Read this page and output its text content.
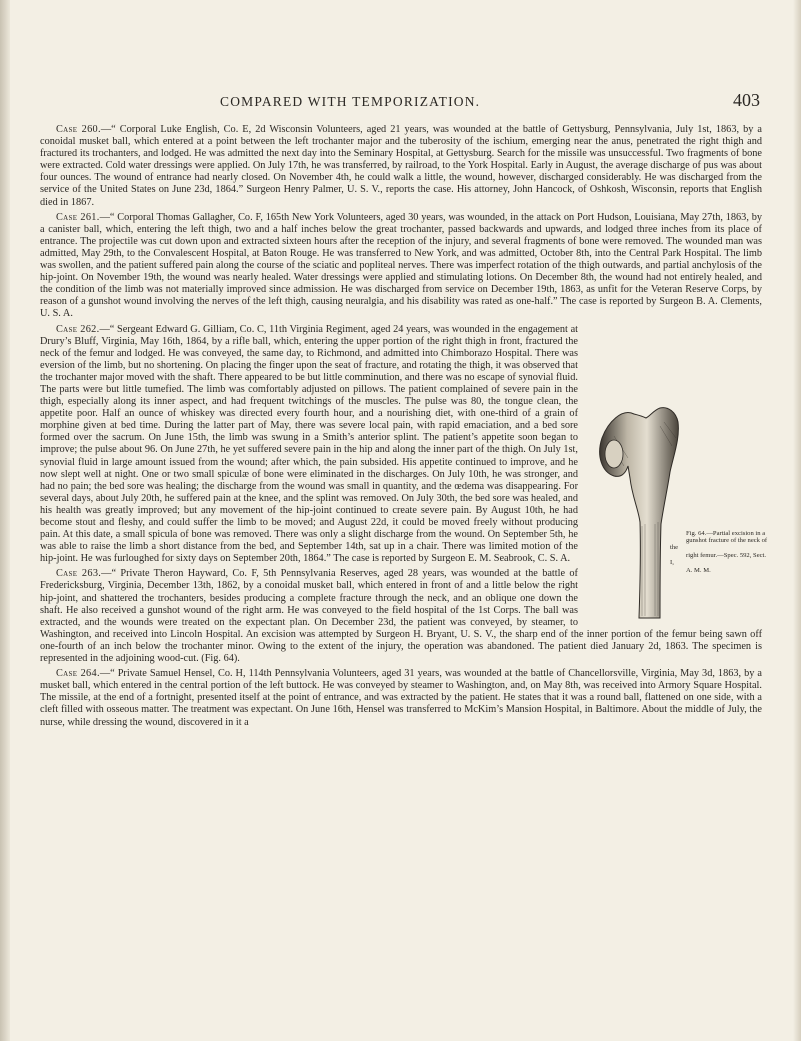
COMPARED WITH TEMPORIZATION.	403

Case 260.—“ Corporal Luke English, Co. E, 2d Wisconsin Volunteers, aged 21 years, was wounded at the battle of Gettysburg, Pennsylvania, July 1st, 1863, by a conoidal musket ball, which entered at a point between the left trochanter major and the tuberosity of the ischium, emerging near the anus, penetrated the right thigh and fractured its trochanters, and lodged. He was admitted the next day into the Seminary Hospital, at Gettysburg. Search for the missile was unsuccessful. Two fragments of bone were extracted. Cold water dressings were applied. On July 17th, he was transferred, by railroad, to the York Hospital. Early in August, the average discharge of pus was about four ounces. The wound of entrance had nearly closed. On November 4th, he could walk a little, the wound, however, discharged considerably. He was discharged from the service of the United States on June 23d, 1864.” Surgeon Henry Palmer, U. S. V., reports the case. His attorney, John Hancock, of Oshkosh, Wisconsin, reports that English died in 1867.

Case 261.—“ Corporal Thomas Gallagher, Co. F, 165th New York Volunteers, aged 30 years, was wounded, in the attack on Port Hudson, Louisiana, May 27th, 1863, by a canister ball, which, entering the left thigh, two and a half inches below the great trochanter, passed backwards and upwards, and lodged three inches from its place of entrance. The projectile was cut down upon and extracted sixteen hours after the reception of the injury, and several fragments of bone were removed. The wounded man was admitted, May 29th, to the Convalescent Hospital, at Baton Rouge. He was transferred to New York, and was admitted, October 8th, into the Central Park Hospital. The limb was swollen, and the patient suffered pain along the course of the sciatic and popliteal nerves. There was imperfect rotation of the thigh outwards, and partial anchylosis of the hip-joint. On November 19th, the wound was nearly healed. Water dressings were applied and stimulating lotions. On December 8th, the wound had not entirely healed, and the condition of the limb was not materially improved since admission. He was discharged from service on December 19th, 1863, as unfit for the Veteran Reserve Corps, by reason of a gunshot wound involving the nerves of the left thigh, causing neuralgia, and his disability was rated as one-half.” The case is reported by Surgeon B. A. Clements, U. S. A.

Fig. 64.—Partial excision in a
gunshot fracture of the neck of the
right femur.—Spec. 592, Sect. I,
A. M. M.
Case 262.—“ Sergeant Edward G. Gilliam, Co. C, 11th Virginia Regiment, aged 24 years, was wounded in the engagement at Drury’s Bluff, Virginia, May 16th, 1864, by a rifle ball, which, entering the upper portion of the right thigh in front, fractured the neck of the femur and lodged. He was conveyed, the same day, to Richmond, and admitted into Chimborazo Hospital. There was eversion of the limb, but no shortening. On placing the finger upon the seat of fracture, and rotating the thigh, it was observed that the trochanter major moved with the shaft. There appeared to be but little comminution, and there was no escape of synovial fluid. The parts were but little tumefied. The limb was comfortably adjusted on pillows. The patient complained of severe pain in the thigh, especially along its inner aspect, and had frequent twitchings of the muscles. The pulse was 80, the tongue clean, the appetite poor. Half an ounce of whiskey was directed every fourth hour, and a nourishing diet, with one-third of a grain of morphine given at bed time. During the latter part of May, there was severe local pain, with rapid emaciation, and a bed sore formed over the sacrum. On June 15th, the limb was swung in a Smith’s anterior splint. The patient’s appetite soon began to improve; the pulse about 96. On June 27th, he yet suffered severe pain in the hip and along the inner part of the thigh. On July 1st, synovial fluid in large amount issued from the wound; after which, the pain subsided. His appetite continued to improve, and he now slept well at night. One or two small spiculæ of bone were eliminated in the discharges. On July 10th, he was stronger, and had no pain; the bed sore was healing; the discharge from the wound was small in quantity, and the œdema was disappearing. For several days, about July 20th, he suffered pain at the knee, and the splint was removed. On July 30th, the bed sore was healed, and his health was greatly improved; but any movement of the hip-joint continued to create severe pain. By August 10th, he had become stout and fleshy, and could suffer the limb to be moved; and August 22d, it could be moved freely without producing pain. At this date, a small spicula of bone was removed. There was only a slight discharge from the wound. On September 5th, he was able to raise the limb a short distance from the bed, and September 14th, sat up in a chair. There was limited motion of the hip-joint. He was furloughed for sixty days on September 20th, 1864.” The case is reported by Surgeon E. M. Seabrook, C. S. A.

Case 263.—“ Private Theron Hayward, Co. F, 5th Pennsylvania Reserves, aged 28 years, was wounded at the battle of Fredericksburg, Virginia, December 13th, 1862, by a conoidal musket ball, which entered in front of and a little below the right hip-joint, and shattered the trochanters, besides producing a complete fracture through the neck, and an oblique one down the shaft. He also received a gunshot wound of the right arm. He was conveyed to the field hospital of the 1st Corps. The ball was extracted, and the wounds were treated on the expectant plan. On December 23d, the patient was conveyed, by steamer, to Washington, and received into Lincoln Hospital. An excision was attempted by Surgeon H. Bryant, U. S. V., the sharp end of the inner portion of the femur being sawn off one-fourth of an inch below the trochanter minor. Owing to the extent of the injury, the operation was abandoned. The patient died January 2d, 1863. The specimen is represented in the adjoining wood-cut. (Fig. 64).

Case 264.—“ Private Samuel Hensel, Co. H, 114th Pennsylvania Volunteers, aged 31 years, was wounded at the battle of Chancellorsville, Virginia, May 3d, 1863, by a musket ball, which entered in the central portion of the left buttock. He was conveyed by steamer to Washington, and, on May 8th, was received into Armory Square Hospital. The missile, at the end of a fortnight, presented itself at the point of entrance, and was extracted by the patient. He states that it was a round ball, flattened on one side, with a cleft filled with osseous matter. The treatment was expectant. On June 16th, Hensel was transferred to McKim’s Mansion Hospital, in Baltimore. About the middle of July, the nurse, while dressing the wound, discovered in it a
